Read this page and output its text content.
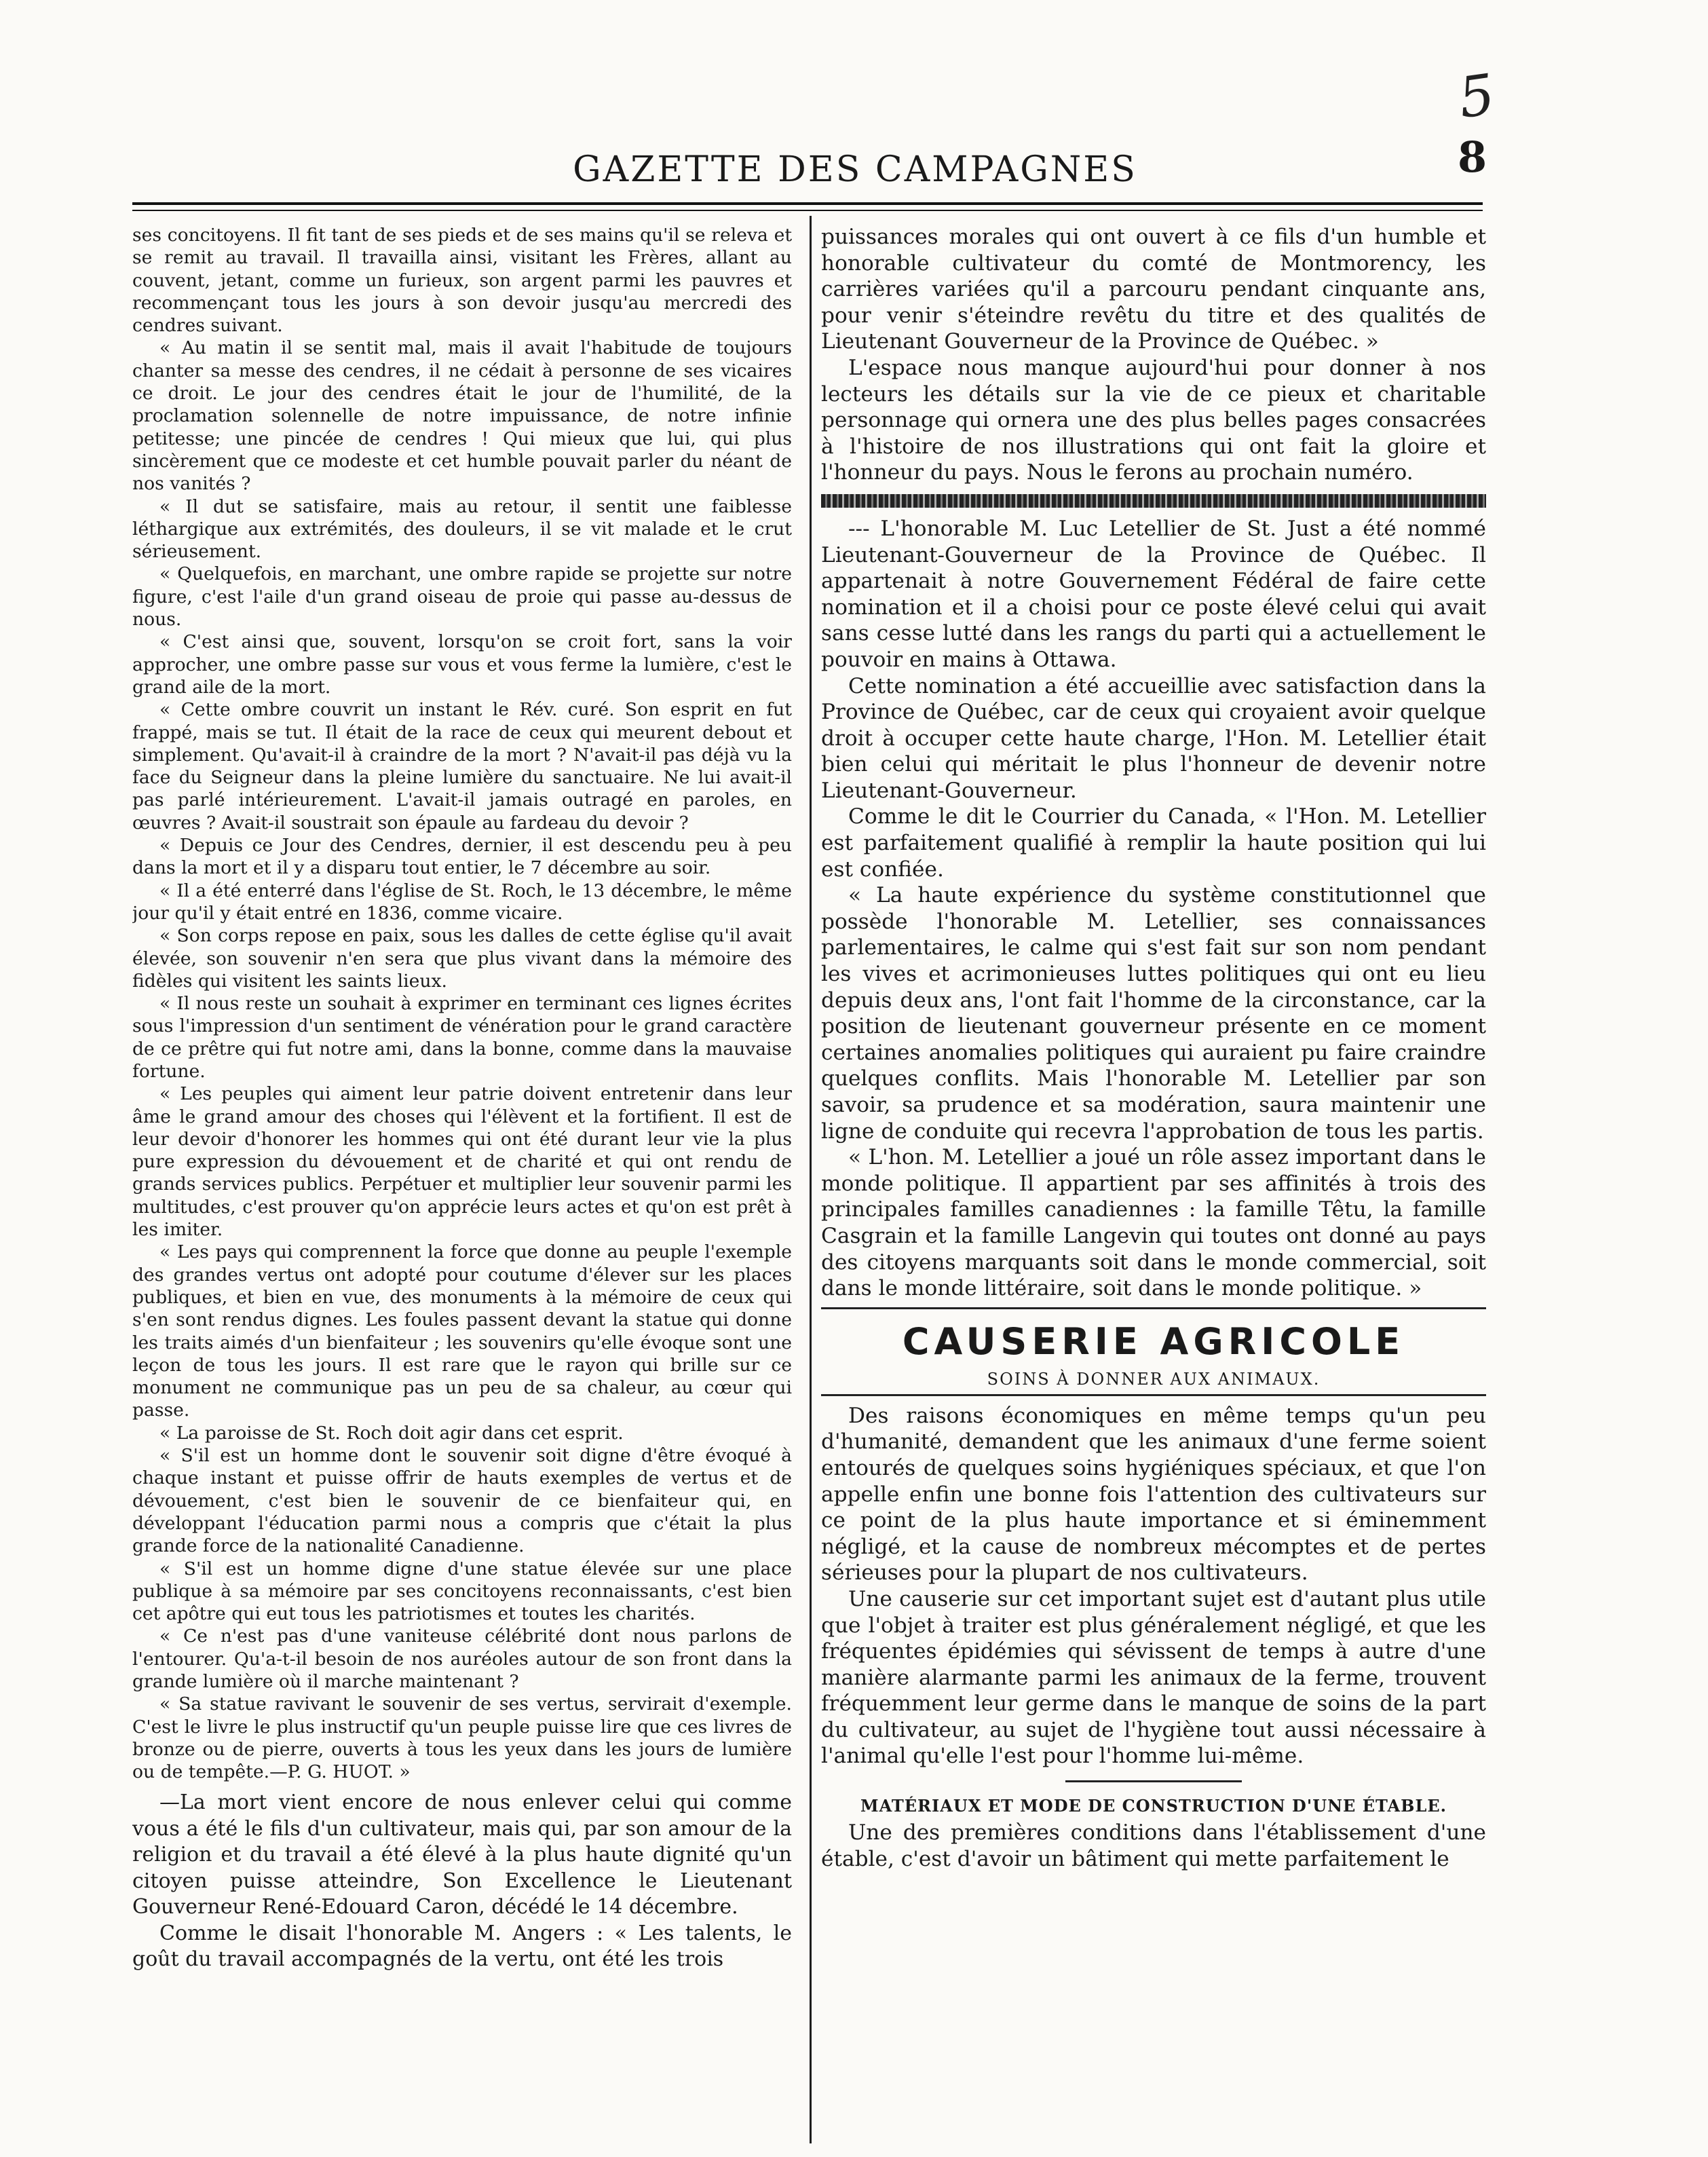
5
GAZETTE DES CAMPAGNES	8

ses concitoyens. Il fit tant de ses pieds et de ses mains qu'il se releva et se remit au travail. Il travailla ainsi, visitant les Frères, allant au couvent, jetant, comme un furieux, son argent parmi les pauvres et recommençant tous les jours à son devoir jusqu'au mercredi des cendres suivant.

« Au matin il se sentit mal, mais il avait l'habitude de toujours chanter sa messe des cendres, il ne cédait à personne de ses vicaires ce droit. Le jour des cendres était le jour de l'humilité, de la proclamation solennelle de notre impuissance, de notre infinie petitesse; une pincée de cendres ! Qui mieux que lui, qui plus sincèrement que ce modeste et cet humble pouvait parler du néant de nos vanités ?

« Il dut se satisfaire, mais au retour, il sentit une faiblesse léthargique aux extrémités, des douleurs, il se vit malade et le crut sérieusement.

« Quelquefois, en marchant, une ombre rapide se projette sur notre figure, c'est l'aile d'un grand oiseau de proie qui passe au-dessus de nous.

« C'est ainsi que, souvent, lorsqu'on se croit fort, sans la voir approcher, une ombre passe sur vous et vous ferme la lumière, c'est le grand aile de la mort.

« Cette ombre couvrit un instant le Rév. curé. Son esprit en fut frappé, mais se tut. Il était de la race de ceux qui meurent debout et simplement. Qu'avait-il à craindre de la mort ? N'avait-il pas déjà vu la face du Seigneur dans la pleine lumière du sanctuaire. Ne lui avait-il pas parlé intérieurement. L'avait-il jamais outragé en paroles, en œuvres ? Avait-il soustrait son épaule au fardeau du devoir ?

« Depuis ce Jour des Cendres, dernier, il est descendu peu à peu dans la mort et il y a disparu tout entier, le 7 décembre au soir.

« Il a été enterré dans l'église de St. Roch, le 13 décembre, le même jour qu'il y était entré en 1836, comme vicaire.

« Son corps repose en paix, sous les dalles de cette église qu'il avait élevée, son souvenir n'en sera que plus vivant dans la mémoire des fidèles qui visitent les saints lieux.

« Il nous reste un souhait à exprimer en terminant ces lignes écrites sous l'impression d'un sentiment de vénération pour le grand caractère de ce prêtre qui fut notre ami, dans la bonne, comme dans la mauvaise fortune.

« Les peuples qui aiment leur patrie doivent entretenir dans leur âme le grand amour des choses qui l'élèvent et la fortifient. Il est de leur devoir d'honorer les hommes qui ont été durant leur vie la plus pure expression du dévouement et de charité et qui ont rendu de grands services publics. Perpétuer et multiplier leur souvenir parmi les multitudes, c'est prouver qu'on apprécie leurs actes et qu'on est prêt à les imiter.

« Les pays qui comprennent la force que donne au peuple l'exemple des grandes vertus ont adopté pour coutume d'élever sur les places publiques, et bien en vue, des monuments à la mémoire de ceux qui s'en sont rendus dignes. Les foules passent devant la statue qui donne les traits aimés d'un bienfaiteur ; les souvenirs qu'elle évoque sont une leçon de tous les jours. Il est rare que le rayon qui brille sur ce monument ne communique pas un peu de sa chaleur, au cœur qui passe.

« La paroisse de St. Roch doit agir dans cet esprit.

« S'il est un homme dont le souvenir soit digne d'être évoqué à chaque instant et puisse offrir de hauts exemples de vertus et de dévouement, c'est bien le souvenir de ce bienfaiteur qui, en développant l'éducation parmi nous a compris que c'était la plus grande force de la nationalité Canadienne.

« S'il est un homme digne d'une statue élevée sur une place publique à sa mémoire par ses concitoyens reconnaissants, c'est bien cet apôtre qui eut tous les patriotismes et toutes les charités.

« Ce n'est pas d'une vaniteuse célébrité dont nous parlons de l'entourer. Qu'a-t-il besoin de nos auréoles autour de son front dans la grande lumière où il marche maintenant ?

« Sa statue ravivant le souvenir de ses vertus, servirait d'exemple. C'est le livre le plus instructif qu'un peuple puisse lire que ces livres de bronze ou de pierre, ouverts à tous les yeux dans les jours de lumière ou de tempête.—P. G. HUOT. »

—La mort vient encore de nous enlever celui qui comme vous a été le fils d'un cultivateur, mais qui, par son amour de la religion et du travail a été élevé à la plus haute dignité qu'un citoyen puisse atteindre, Son Excellence le Lieutenant Gouverneur René-Edouard Caron, décédé le 14 décembre.

Comme le disait l'honorable M. Angers : « Les talents, le goût du travail accompagnés de la vertu, ont été les trois

puissances morales qui ont ouvert à ce fils d'un humble et honorable cultivateur du comté de Montmorency, les carrières variées qu'il a parcouru pendant cinquante ans, pour venir s'éteindre revêtu du titre et des qualités de Lieutenant Gouverneur de la Province de Québec. »

L'espace nous manque aujourd'hui pour donner à nos lecteurs les détails sur la vie de ce pieux et charitable personnage qui ornera une des plus belles pages consacrées à l'histoire de nos illustrations qui ont fait la gloire et l'honneur du pays. Nous le ferons au prochain numéro.

--- L'honorable M. Luc Letellier de St. Just a été nommé Lieutenant-Gouverneur de la Province de Québec. Il appartenait à notre Gouvernement Fédéral de faire cette nomination et il a choisi pour ce poste élevé celui qui avait sans cesse lutté dans les rangs du parti qui a actuellement le pouvoir en mains à Ottawa.

Cette nomination a été accueillie avec satisfaction dans la Province de Québec, car de ceux qui croyaient avoir quelque droit à occuper cette haute charge, l'Hon. M. Letellier était bien celui qui méritait le plus l'honneur de devenir notre Lieutenant-Gouverneur.

Comme le dit le Courrier du Canada, « l'Hon. M. Letellier est parfaitement qualifié à remplir la haute position qui lui est confiée.

« La haute expérience du système constitutionnel que possède l'honorable M. Letellier, ses connaissances parlementaires, le calme qui s'est fait sur son nom pendant les vives et acrimonieuses luttes politiques qui ont eu lieu depuis deux ans, l'ont fait l'homme de la circonstance, car la position de lieutenant gouverneur présente en ce moment certaines anomalies politiques qui auraient pu faire craindre quelques conflits. Mais l'honorable M. Letellier par son savoir, sa prudence et sa modération, saura maintenir une ligne de conduite qui recevra l'approbation de tous les partis.

« L'hon. M. Letellier a joué un rôle assez important dans le monde politique. Il appartient par ses affinités à trois des principales familles canadiennes : la famille Têtu, la famille Casgrain et la famille Langevin qui toutes ont donné au pays des citoyens marquants soit dans le monde commercial, soit dans le monde littéraire, soit dans le monde politique. »

CAUSERIE AGRICOLE
SOINS À DONNER AUX ANIMAUX.

Des raisons économiques en même temps qu'un peu d'humanité, demandent que les animaux d'une ferme soient entourés de quelques soins hygiéniques spéciaux, et que l'on appelle enfin une bonne fois l'attention des cultivateurs sur ce point de la plus haute importance et si éminemment négligé, et la cause de nombreux mécomptes et de pertes sérieuses pour la plupart de nos cultivateurs.

Une causerie sur cet important sujet est d'autant plus utile que l'objet à traiter est plus généralement négligé, et que les fréquentes épidémies qui sévissent de temps à autre d'une manière alarmante parmi les animaux de la ferme, trouvent fréquemment leur germe dans le manque de soins de la part du cultivateur, au sujet de l'hygiène tout aussi nécessaire à l'animal qu'elle l'est pour l'homme lui-même.

MATÉRIAUX ET MODE DE CONSTRUCTION D'UNE ÉTABLE.

Une des premières conditions dans l'établissement d'une étable, c'est d'avoir un bâtiment qui mette parfaitement le
